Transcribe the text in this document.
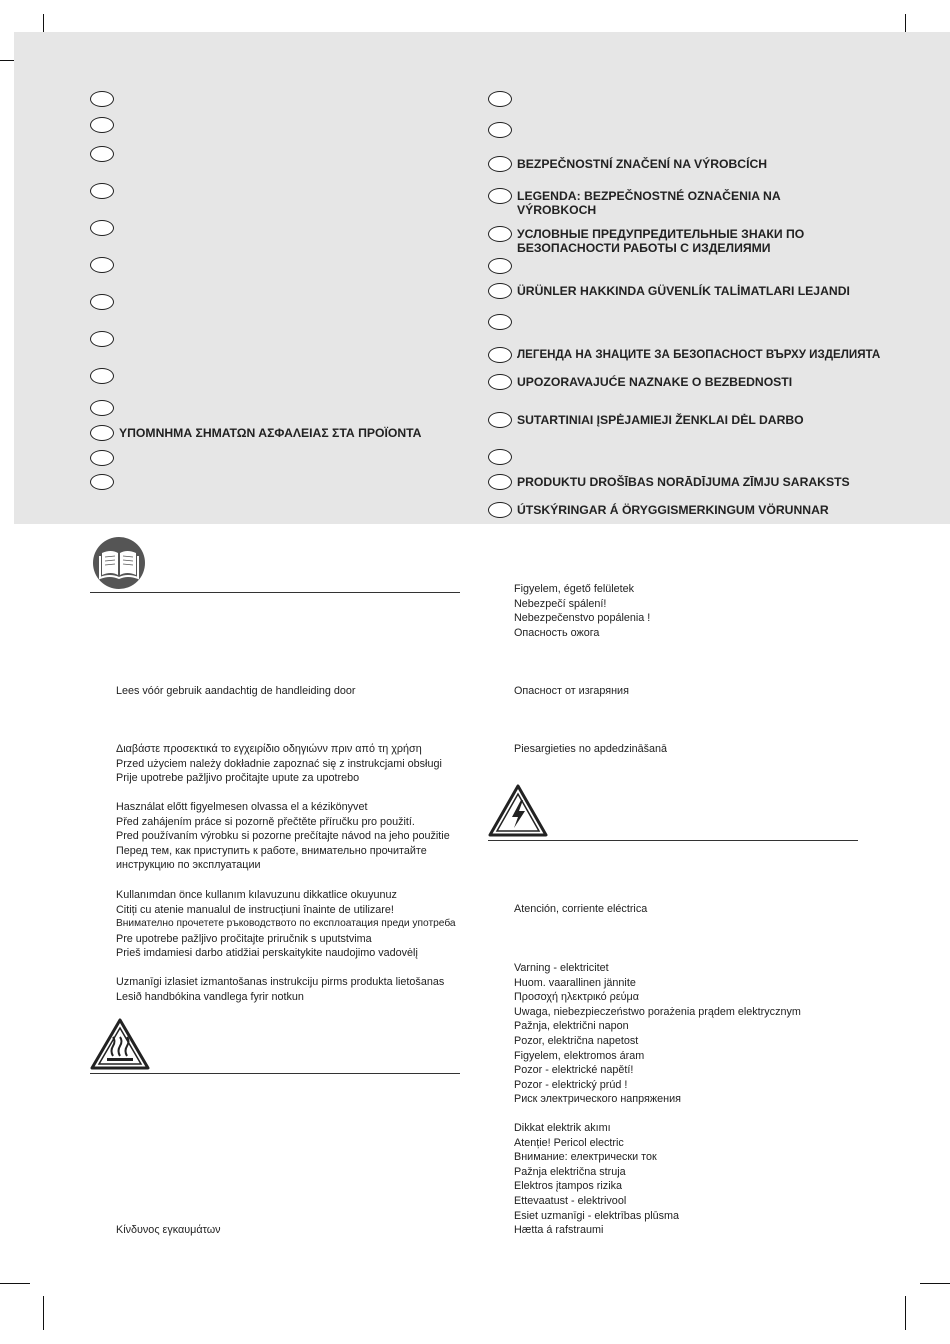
ΥΠΟΜΝΗΜΑ ΣΗΜΑΤΩΝ ΑΣΦΑΛΕΙΑΣ ΣΤΑ ΠΡΟΪΟΝΤΑ
BEZPEČNOSTNÍ ZNAČENÍ NA VÝROBCÍCH
LEGENDA: BEZPEČNOSTNÉ OZNAČENIA NA
VÝROBKOCH
УСЛОВНЫЕ ПРЕДУПРЕДИТЕЛЬНЫЕ ЗНАКИ ПО
БЕЗОПАСНОСТИ РАБОТЫ С ИЗДЕЛИЯМИ
ÜRÜNLER HAKKINDA GÜVENLÍK TALİMATLARI LEJANDI
ЛЕГЕНДА НА ЗНАЦИТЕ ЗА БЕЗОПАСНОСТ ВЪРХУ ИЗДЕЛИЯТА
UPOZORAVAJUĆE NAZNAKE O BEZBEDNOSTI
SUTARTINIAI ĮSPĖJAMIEJI ŽENKLAI DĖL DARBO
PRODUKTU DROŠĪBAS NORĀDĪJUMA ZĪMJU SARAKSTS
ÚTSKÝRINGAR Á ÖRYGGISMERKINGUM VÖRUNNAR
Lees vóór gebruik aandachtig de handleiding door
Διαβάστε προσεκτικά το εγχειρίδιο οδηγιώνν πριν από τη χρήση
Przed użyciem należy dokładnie zapoznać się z instrukcjami obsługi
Prije upotrebe pažljivo pročitajte upute za upotrebo
Használat előtt figyelmesen olvassa el a kézikönyvet
Před zahájením práce si pozorně přečtěte příručku pro použití.
Pred používaním výrobku si pozorne prečítajte návod na jeho použitie
Перед тем, как приступить к работе, внимательно прочитайте
инструкцию по эксплуатации
Kullanımdan önce kullanım kılavuzunu dikkatlice okuyunuz
Citiți cu atenie manualul de instrucțiuni înainte de utilizare!
Внимателно прочетете ръководството по експлоатация преди употреба
Pre upotrebe pažljivo pročitajte priručnik s uputstvima
Prieš imdamiesi darbo atidžiai perskaitykite naudojimo vadovėlį
Uzmanīgi izlasiet izmantošanas instrukciju pirms produkta lietošanas
Lesið handbókina vandlega fyrir notkun
Κίνδυνος εγκαυμάτων
Figyelem, égető felületek
Nebezpečí spálení!
Nebezpečenstvo popálenia !
Опасность ожога
Опасност от изгаряния
Piesargieties no apdedzināšanā
Atención, corriente eléctrica
Varning - elektricitet
Huom. vaarallinen jännite
Προσοχή ηλεκτρικό ρεύμα
Uwaga, niebezpieczeństwo porażenia prądem elektrycznym
Pažnja, električni napon
Pozor, električna napetost
Figyelem, elektromos áram
Pozor - elektrické napětí!
Pozor - elektrický prúd !
Риск электрического напряжения
Dikkat elektrik akımı
Atenție! Pericol electric
Внимание: електрически ток
Pažnja električna struja
Elektros įtampos rizika
Ettevaatust - elektrivool
Esiet uzmanīgi - elektrības plūsma
Hætta á rafstraumi
